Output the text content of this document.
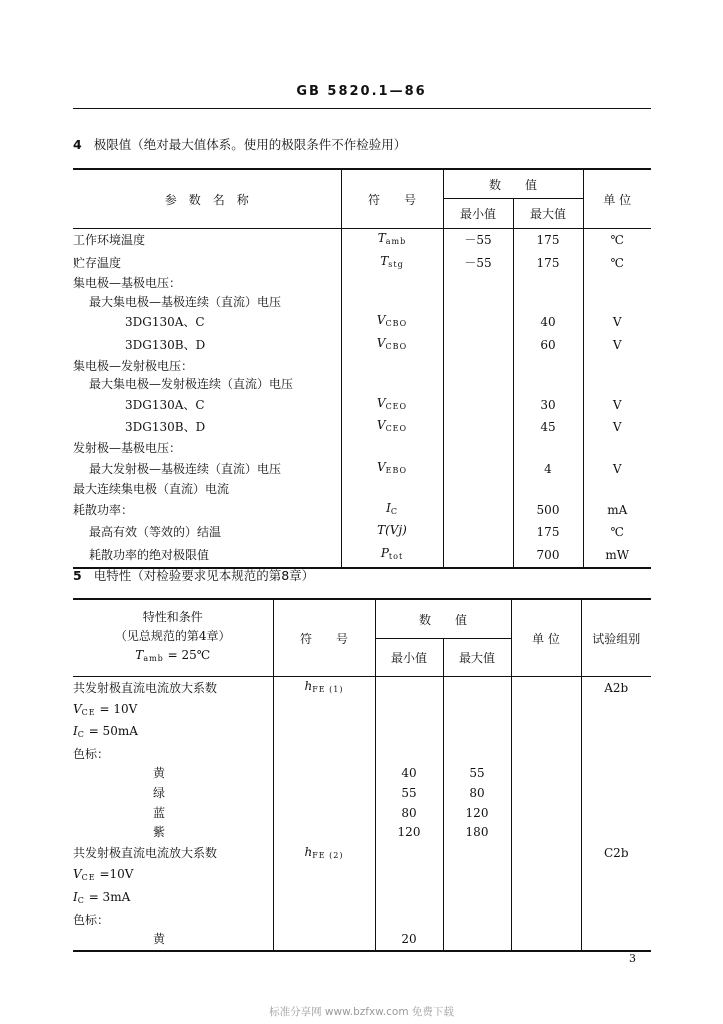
GB 5820.1—86
4 极限值（绝对最大值体系。使用的极限条件不作检验用）
参　数　名　称	符　　号	数　　值		单 位
		最小值	最大值	
工作环境温度	$T_{amb}$	－55	175	℃
贮存温度	$T_{stg}$	－55	175	℃
集电极—基极电压：				
最大集电极—基极连续（直流）电压				
3DG130A、C	$V_{CBO}$		40	V
3DG130B、D	$V_{CBO}$		60	V
集电极—发射极电压：				
最大集电极—发射极连续（直流）电压				
3DG130A、C	$V_{CEO}$		30	V
3DG130B、D	$V_{CEO}$		45	V
发射极—基极电压：				
最大发射极—基极连续（直流）电压	$V_{EBO}$		4	V
最大连续集电极（直流）电流				
耗散功率：	$I_C$		500	mA
最高有效（等效的）结温	T(Vj)		175	℃
耗散功率的绝对极限值	$P_{tot}$		700	mW
5 电特性（对检验要求见本规范的第8章）
特性和条件
（见总规范的第4章）
$T_{amb}$ = 25℃	符　　号	数　　值		单 位	试验组别
		最小值	最大值		
共发射极直流电流放大系数	$h_{FE (1)}$				A2b
$V_{CE} = 10V$					
$I_C = 50mA$					
色标：					
黄		40	55		
绿		55	80		
蓝		80	120		
紫		120	180		
共发射极直流电流放大系数	$h_{FE (2)}$				C2b
$V_{CE} =10V$					
$I_C = 3mA$					
色标：					
黄		20			
3
标准分享网 www.bzfxw.com 免费下载
